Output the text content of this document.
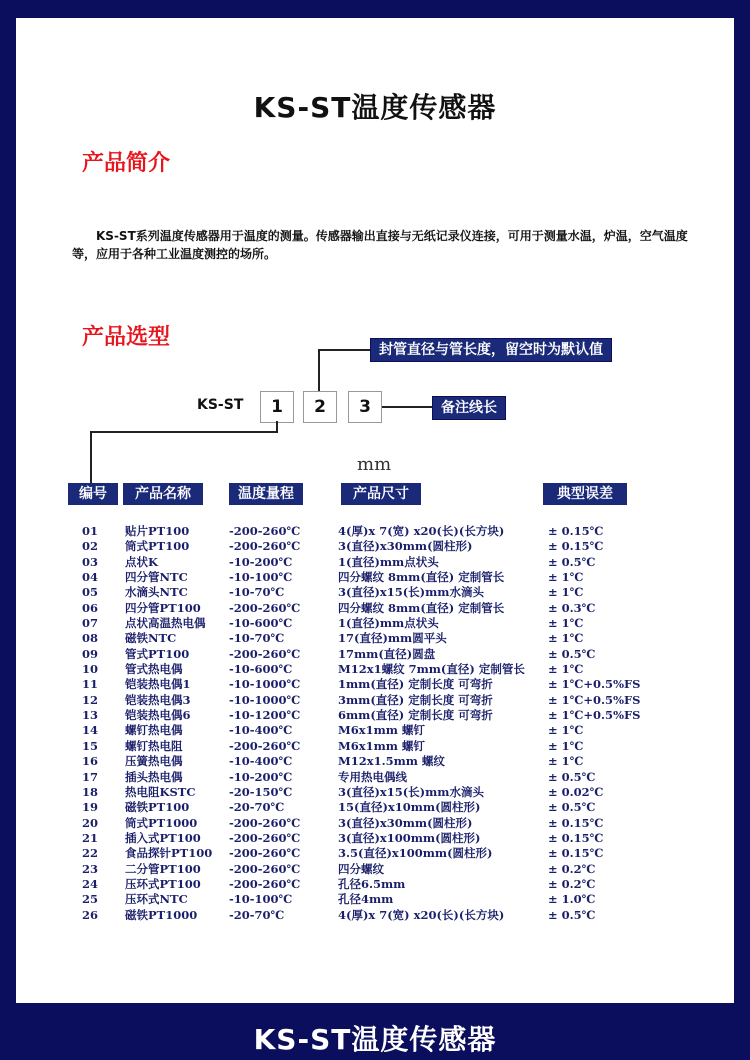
KS-ST温度传感器
产品简介
KS-ST系列温度传感器用于温度的测量。传感器输出直接与无纸记录仪连接，可用于测量水温，炉温，空气温度等，应用于各种工业温度测控的场所。
产品选型
KS-ST	1	2	3
封管直径与管长度，留空时为默认值
备注线长
mm
编号	产品名称	温度量程	产品尺寸	典型误差
01 贴片PT100	-200-260℃	4(厚)x 7(宽) x20(长)(长方块)	± 0.15℃
02 筒式PT100	-200-260℃	3(直径)x30mm(圆柱形)	± 0.15℃
03 点状K	-10-200℃	1(直径)mm点状头	± 0.5℃
04 四分管NTC	-10-100℃	四分螺纹 8mm(直径) 定制管长	± 1℃
05 水滴头NTC	-10-70℃	3(直径)x15(长)mm水滴头	± 1℃
06 四分管PT100 -200-260℃	四分螺纹 8mm(直径) 定制管长	± 0.3℃
07 点状高温热电偶 -10-600℃	1(直径)mm点状头	± 1℃
08 磁铁NTC	-10-70℃	17(直径)mm圆平头	± 1℃
09 管式PT100	-200-260℃	17mm(直径)圆盘	± 0.5℃
10 管式热电偶	-10-600℃	M12x1螺纹 7mm(直径) 定制管长 ± 1℃
11 铠装热电偶1	-10-1000℃	1mm(直径) 定制长度 可弯折	± 1℃+0.5%FS
12 铠装热电偶3	-10-1000℃	3mm(直径) 定制长度 可弯折	± 1℃+0.5%FS
13 铠装热电偶6	-10-1200℃	6mm(直径) 定制长度 可弯折	± 1℃+0.5%FS
14 螺钉热电偶	-10-400℃	M6x1mm 螺钉	± 1℃
15 螺钉热电阻	-200-260℃	M6x1mm 螺钉	± 1℃
16 压簧热电偶	-10-400℃	M12x1.5mm 螺纹	± 1℃
17 插头热电偶	-10-200℃	专用热电偶线	± 0.5℃
18 热电阻KSTC	-20-150℃	3(直径)x15(长)mm水滴头	± 0.02℃
19 磁铁PT100	-20-70℃	15(直径)x10mm(圆柱形)	± 0.5℃
20 筒式PT1000	-200-260℃	3(直径)x30mm(圆柱形)	± 0.15℃
21 插入式PT100 -200-260℃	3(直径)x100mm(圆柱形)	± 0.15℃
22 食品探针PT100 -200-260℃	3.5(直径)x100mm(圆柱形)	± 0.15℃
23 二分管PT100 -200-260℃	四分螺纹	± 0.2℃
24 压环式PT100 -200-260℃	孔径6.5mm	± 0.2℃
25 压环式NTC	-10-100℃	孔径4mm	± 1.0℃
26 磁铁PT1000	-20-70℃	4(厚)x 7(宽) x20(长)(长方块)	± 0.5℃
KS-ST温度传感器
